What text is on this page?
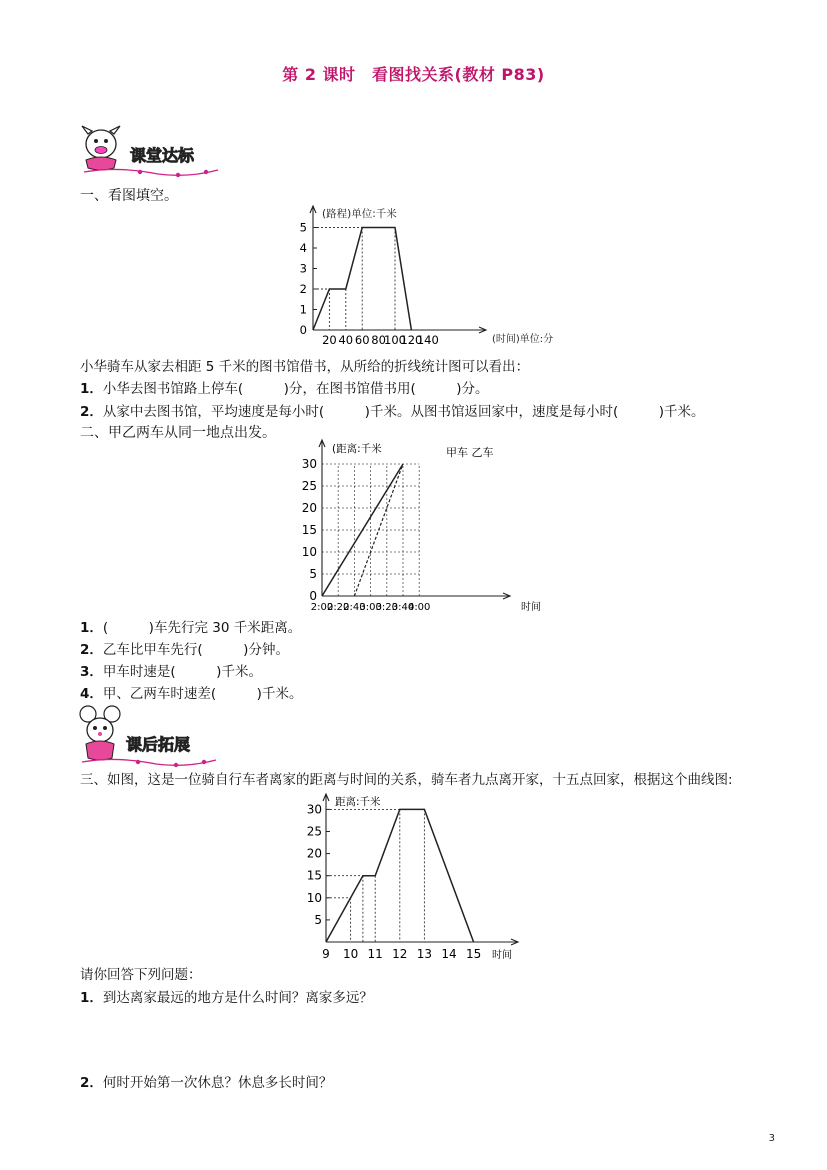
第 2 课时　看图找关系(教材 P83)
课堂达标
一、看图填空。
(路程)单位:千米
(时间)单位:分
0
1
2
3
4
5
20 40 60 80
100
120
140
小华骑车从家去相距 5 千米的图书馆借书，从所给的折线统计图可以看出：
1．小华去图书馆路上停车(　　　)分，在图书馆借书用(　　　)分。
2．从家中去图书馆，平均速度是每小时(　　　)千米。从图书馆返回家中，速度是每小时(　　　)千米。
二、甲乙两车从同一地点出发。
(距离:千米
时间
甲车 乙车
0
5
10
15
20
25
30
2:00
2:20
2:40
3:00
3:20
3:40
4:00
1．(　　　)车先行完 30 千米距离。
2．乙车比甲车先行(　　　)分钟。
3．甲车时速是(　　　)千米。
4．甲、乙两车时速差(　　　)千米。
课后拓展
三、如图，这是一位骑自行车者离家的距离与时间的关系，骑车者九点离开家，十五点回家，根据这个曲线图:
距离:千米
时间
5
10
15
20
25
30
9 10 11 12 13 14 15
请你回答下列问题：
1．到达离家最远的地方是什么时间？离家多远？
2．何时开始第一次休息？休息多长时间？
3
